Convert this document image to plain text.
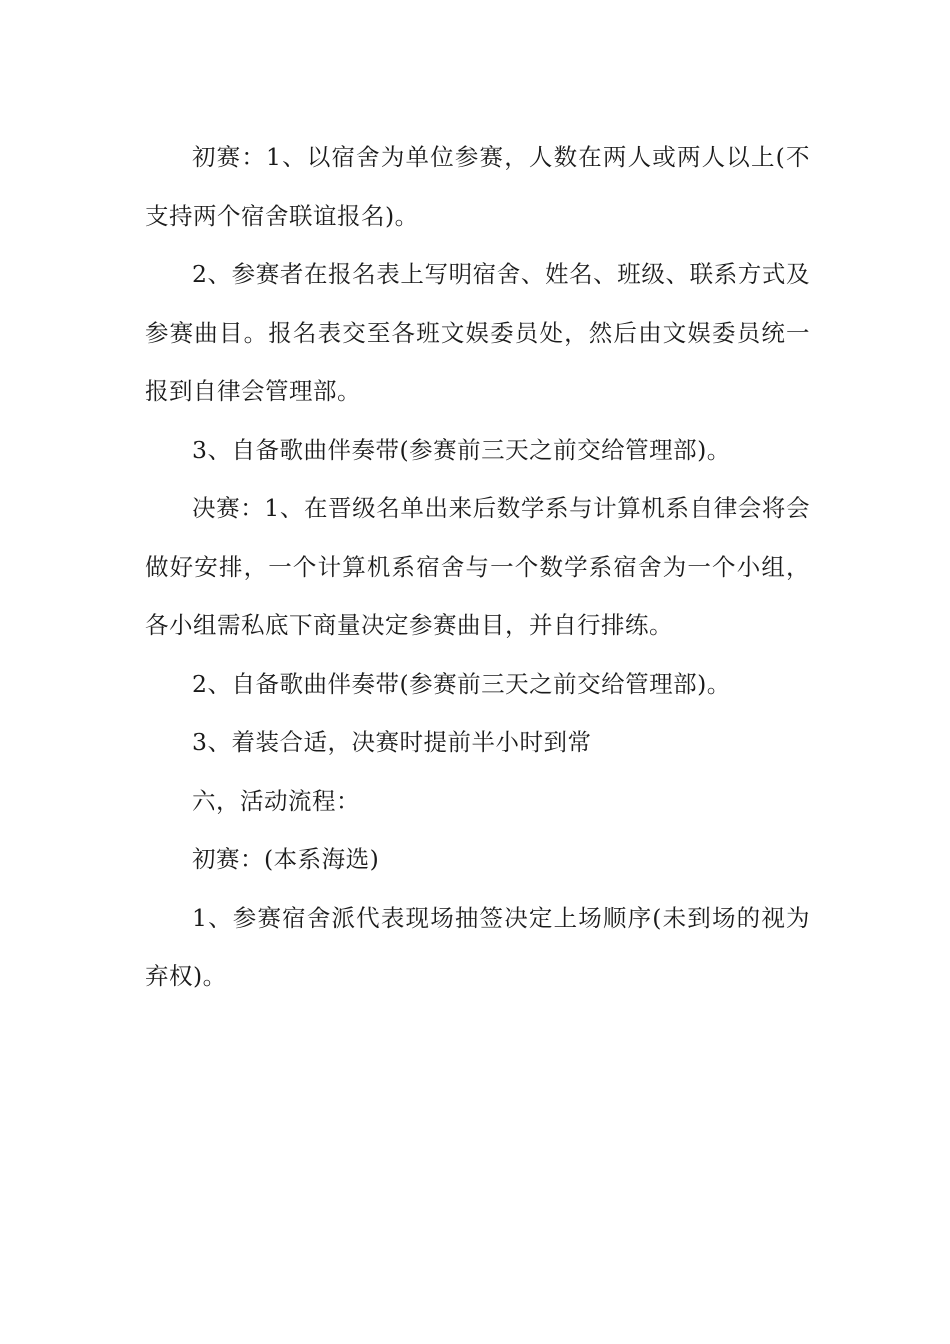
初赛：1、以宿舍为单位参赛，人数在两人或两人以上(不支持两个宿舍联谊报名)。

2、参赛者在报名表上写明宿舍、姓名、班级、联系方式及参赛曲目。报名表交至各班文娱委员处，然后由文娱委员统一报到自律会管理部。

3、自备歌曲伴奏带(参赛前三天之前交给管理部)。

决赛：1、在晋级名单出来后数学系与计算机系自律会将会做好安排，一个计算机系宿舍与一个数学系宿舍为一个小组，各小组需私底下商量决定参赛曲目，并自行排练。

2、自备歌曲伴奏带(参赛前三天之前交给管理部)。

3、着装合适，决赛时提前半小时到常

六，活动流程：

初赛：(本系海选)

1、参赛宿舍派代表现场抽签决定上场顺序(未到场的视为弃权)。
